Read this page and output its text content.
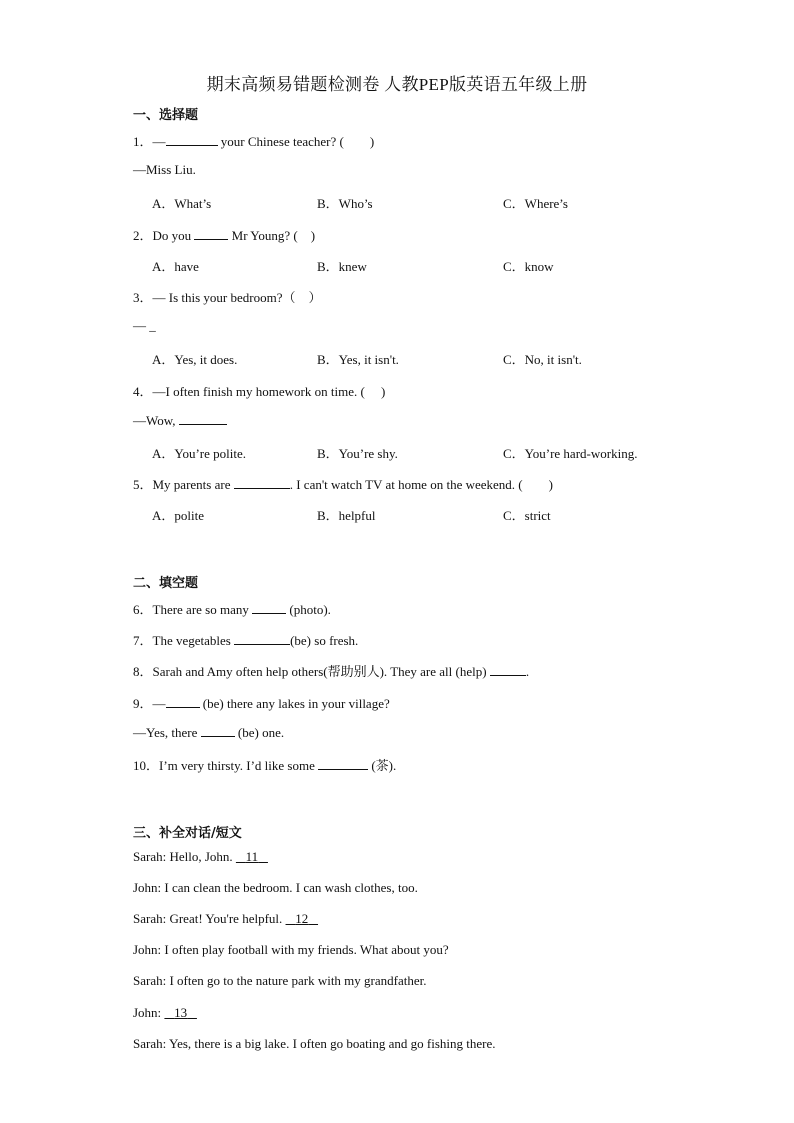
期末高频易错题检测卷 人教PEP版英语五年级上册
一、选择题
1．—	your Chinese teacher? (　　)
—Miss Liu.
A．What’s	B．Who’s	C．Where’s
2．Do you	Mr Young? (　)
A．have	B．knew	C．know
3．— Is this your bedroom?（　）
— _
A．Yes, it does.	B．Yes, it isn't.	C．No, it isn't.
4．—I often finish my homework on time. (　 )
—Wow,
A．You’re polite.	B．You’re shy.	C．You’re hard-working.
5．My parents are	. I can't watch TV at home on the weekend. (　　)
A．polite	B．helpful	C．strict
二、填空题
6．There are so many	(photo).
7．The vegetables	(be) so fresh.
8．Sarah and Amy often help others(帮助别人). They are all (help)	.
9．—	(be) there any lakes in your village?
—Yes, there	(be) one.
10．I’m very thirsty. I’d like some	(茶).
三、补全对话/短文
Sarah: Hello, John.    11
John: I can clean the bedroom. I can wash clothes, too.
Sarah: Great! You're helpful.    12
John: I often play football with my friends. What about you?
Sarah: I often go to the nature park with my grandfather.
John:    13
Sarah: Yes, there is a big lake. I often go boating and go fishing there.
